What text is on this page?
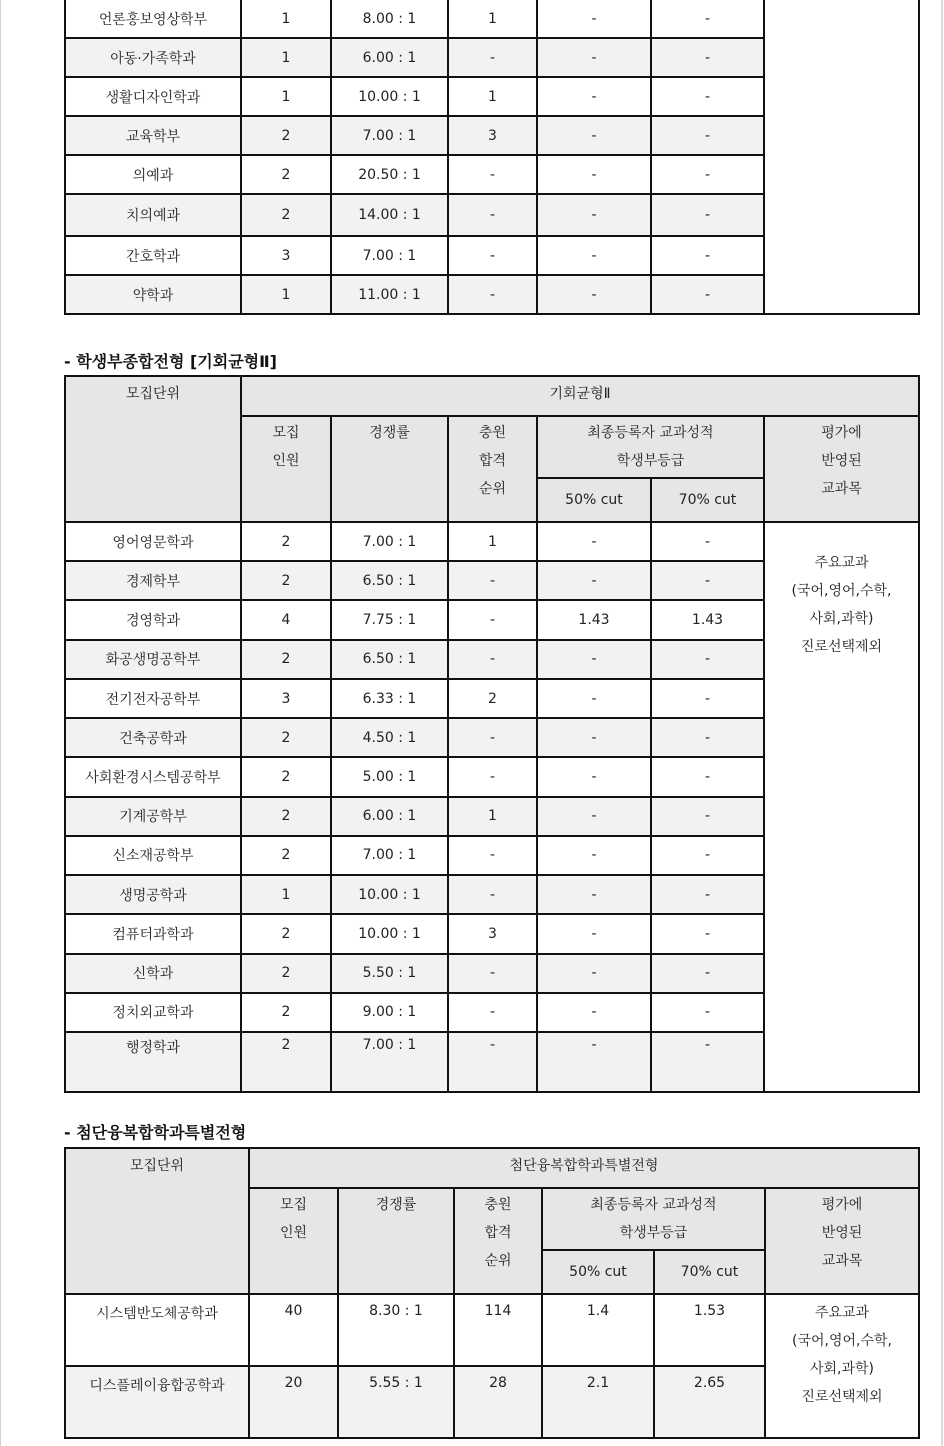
언론홍보영상학부	1	8.00 : 1	1	-	-	
아동·가족학과	1	6.00 : 1	-	-	-	
생활디자인학과	1	10.00 : 1	1	-	-	
교육학부	2	7.00 : 1	3	-	-	
의예과	2	20.50 : 1	-	-	-	
치의예과	2	14.00 : 1	-	-	-	
간호학과	3	7.00 : 1	-	-	-	
약학과	1	11.00 : 1	-	-	-	
- 학생부종합전형 [기회균형Ⅱ]
모집단위	기회균형Ⅱ					

모집
인원
	경쟁률	충원
합격
순위

최종등록자 교과성적
학생부등급

평가에
반영된
교과목

				50% cut	70% cut	
영어영문학과	2	7.00 : 1	1	-	-	주요교과
(국어,영어,수학,
사회,과학)
진로선택제외

경제학부	2	6.50 : 1	-	-	-	
경영학과	4	7.75 : 1	-	1.43	1.43	
화공생명공학부	2	6.50 : 1	-	-	-	
전기전자공학부	3	6.33 : 1	2	-	-	
건축공학과	2	4.50 : 1	-	-	-	
사회환경시스템공학부	2	5.00 : 1	-	-	-	
기계공학부	2	6.00 : 1	1	-	-	
신소재공학부	2	7.00 : 1	-	-	-	
생명공학과	1	10.00 : 1	-	-	-	
컴퓨터과학과	2	10.00 : 1	3	-	-	
신학과	2	5.50 : 1	-	-	-	
정치외교학과	2	9.00 : 1	-	-	-	
행정학과	2	7.00 : 1	-	-	-	
- 첨단융복합학과특별전형
모집단위	첨단융복합학과특별전형					

모집
인원
	경쟁률	충원
합격
순위

최종등록자 교과성적
학생부등급

평가에
반영된
교과목

				50% cut	70% cut	
시스템반도체공학과	40	8.30 : 1	114	1.4	1.53	주요교과
(국어,영어,수학,
사회,과학)
진로선택제외

디스플레이융합공학과	20	5.55 : 1	28	2.1	2.65	
